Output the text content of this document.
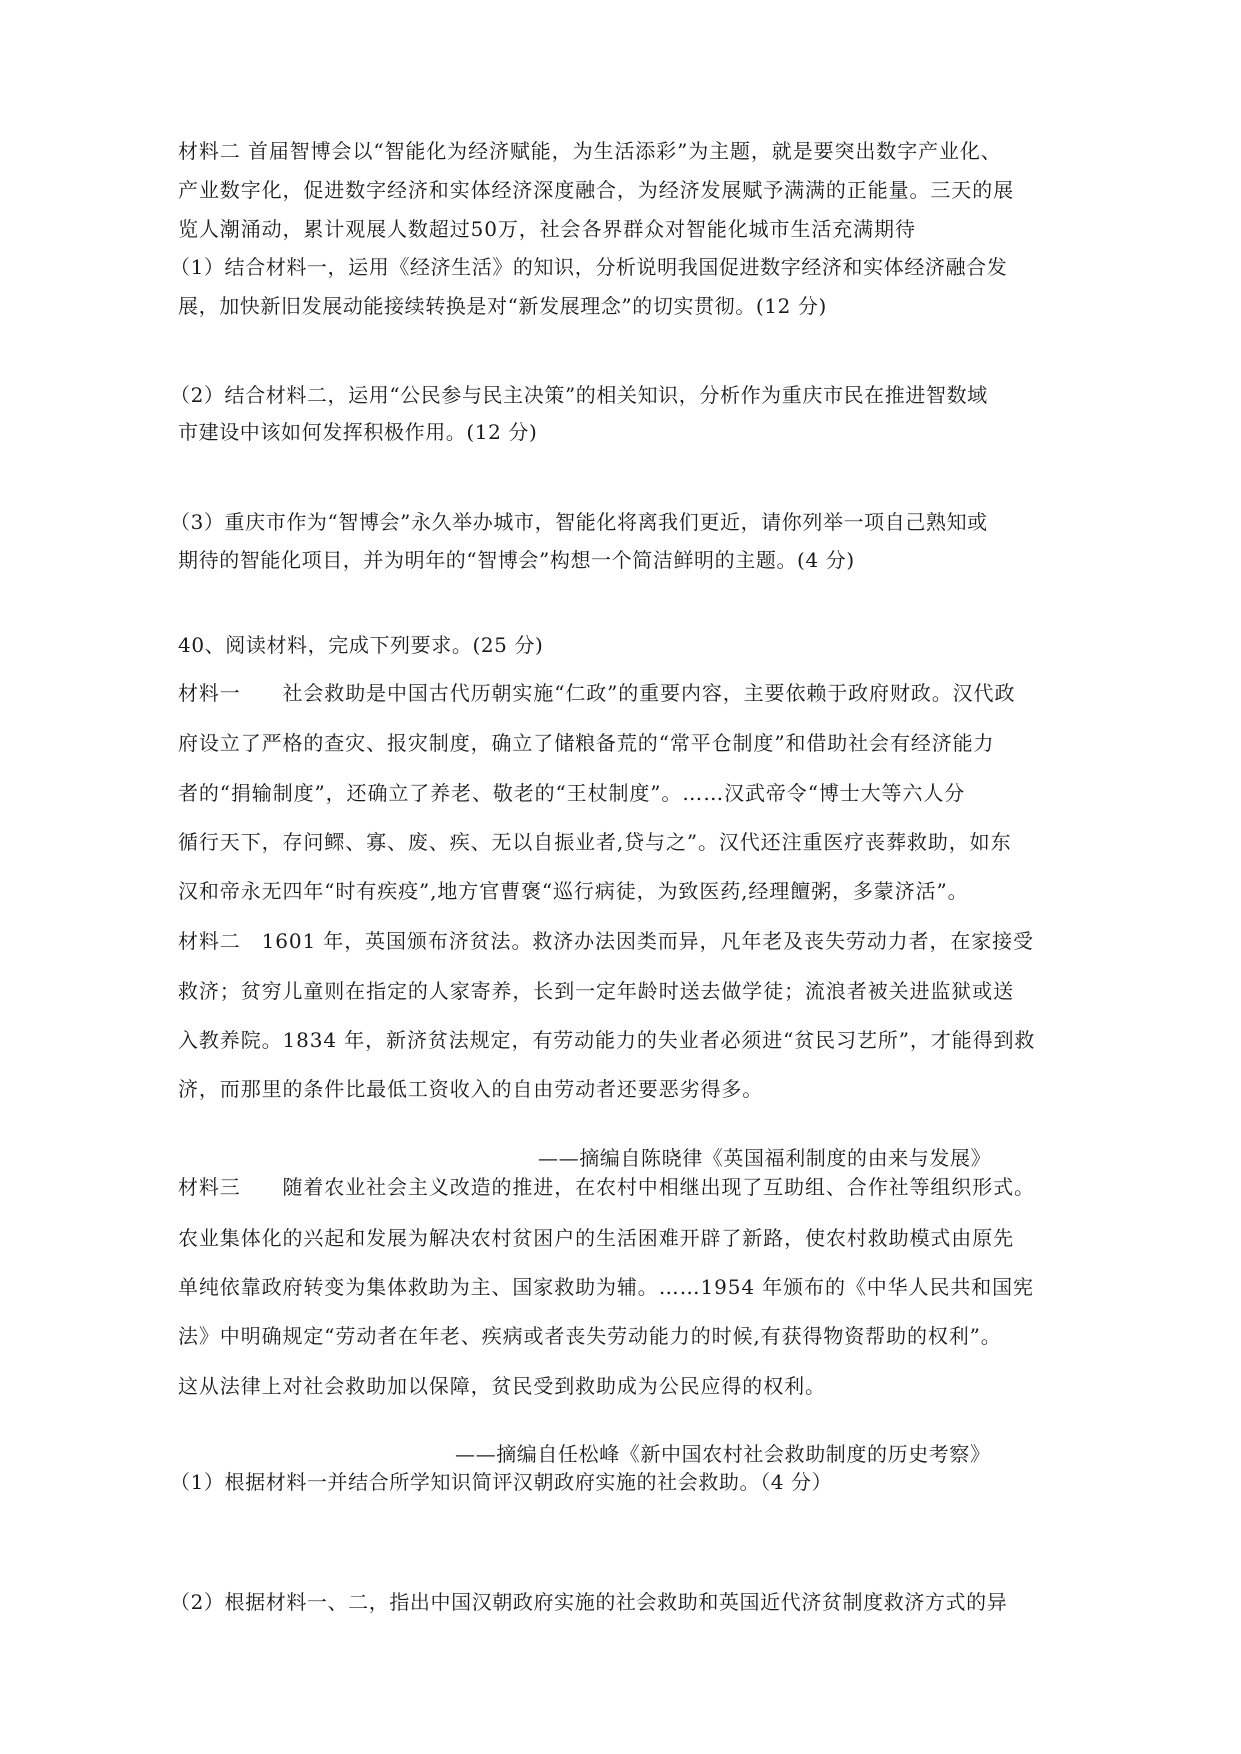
材料二 首届智博会以“智能化为经济赋能，为生活添彩”为主题，就是要突出数字产业化、

产业数字化，促进数字经济和实体经济深度融合，为经济发展赋予满满的正能量。三天的展

览人潮涌动，累计观展人数超过50万，社会各界群众对智能化城市生活充满期待

（1）结合材料一，运用《经济生活》的知识，分析说明我国促进数字经济和实体经济融合发

展，加快新旧发展动能接续转换是对“新发展理念”的切实贯彻。(12 分)

（2）结合材料二，运用“公民参与民主决策”的相关知识，分析作为重庆市民在推进智数域

市建设中该如何发挥积极作用。(12 分)

（3）重庆市作为“智博会”永久举办城市，智能化将离我们更近，请你列举一项自己熟知或

期待的智能化项目，并为明年的“智博会”构想一个简洁鲜明的主题。(4 分)

40、阅读材料，完成下列要求。(25 分)

材料一　　社会救助是中国古代历朝实施“仁政”的重要内容，主要依赖于政府财政。汉代政

府设立了严格的查灾、报灾制度，确立了储粮备荒的“常平仓制度”和借助社会有经济能力

者的“捐输制度”，还确立了养老、敬老的“王杖制度”。……汉武帝令“博士大等六人分

循行天下，存问鳏、寡、废、疾、无以自振业者,贷与之”。汉代还注重医疗丧葬救助，如东

汉和帝永无四年“时有疾疫”,地方官曹褒“巡行病徒，为致医药,经理饘粥，多蒙济活”。

材料二　1601 年，英国颁布济贫法。救济办法因类而异，凡年老及丧失劳动力者，在家接受

救济；贫穷儿童则在指定的人家寄养，长到一定年龄时送去做学徒；流浪者被关进监狱或送

入教养院。1834 年，新济贫法规定，有劳动能力的失业者必须进“贫民习艺所”，才能得到救

济，而那里的条件比最低工资收入的自由劳动者还要恶劣得多。

——摘编自陈晓律《英国福利制度的由来与发展》

材料三　　随着农业社会主义改造的推进，在农村中相继出现了互助组、合作社等组织形式。

农业集体化的兴起和发展为解决农村贫困户的生活困难开辟了新路，使农村救助模式由原先

单纯依靠政府转变为集体救助为主、国家救助为辅。……1954 年颁布的《中华人民共和国宪

法》中明确规定“劳动者在年老、疾病或者丧失劳动能力的时候,有获得物资帮助的权利”。

这从法律上对社会救助加以保障，贫民受到救助成为公民应得的权利。

——摘编自任松峰《新中国农村社会救助制度的历史考察》

（1）根据材料一并结合所学知识简评汉朝政府实施的社会救助。（4 分）

（2）根据材料一、二，指出中国汉朝政府实施的社会救助和英国近代济贫制度救济方式的异
